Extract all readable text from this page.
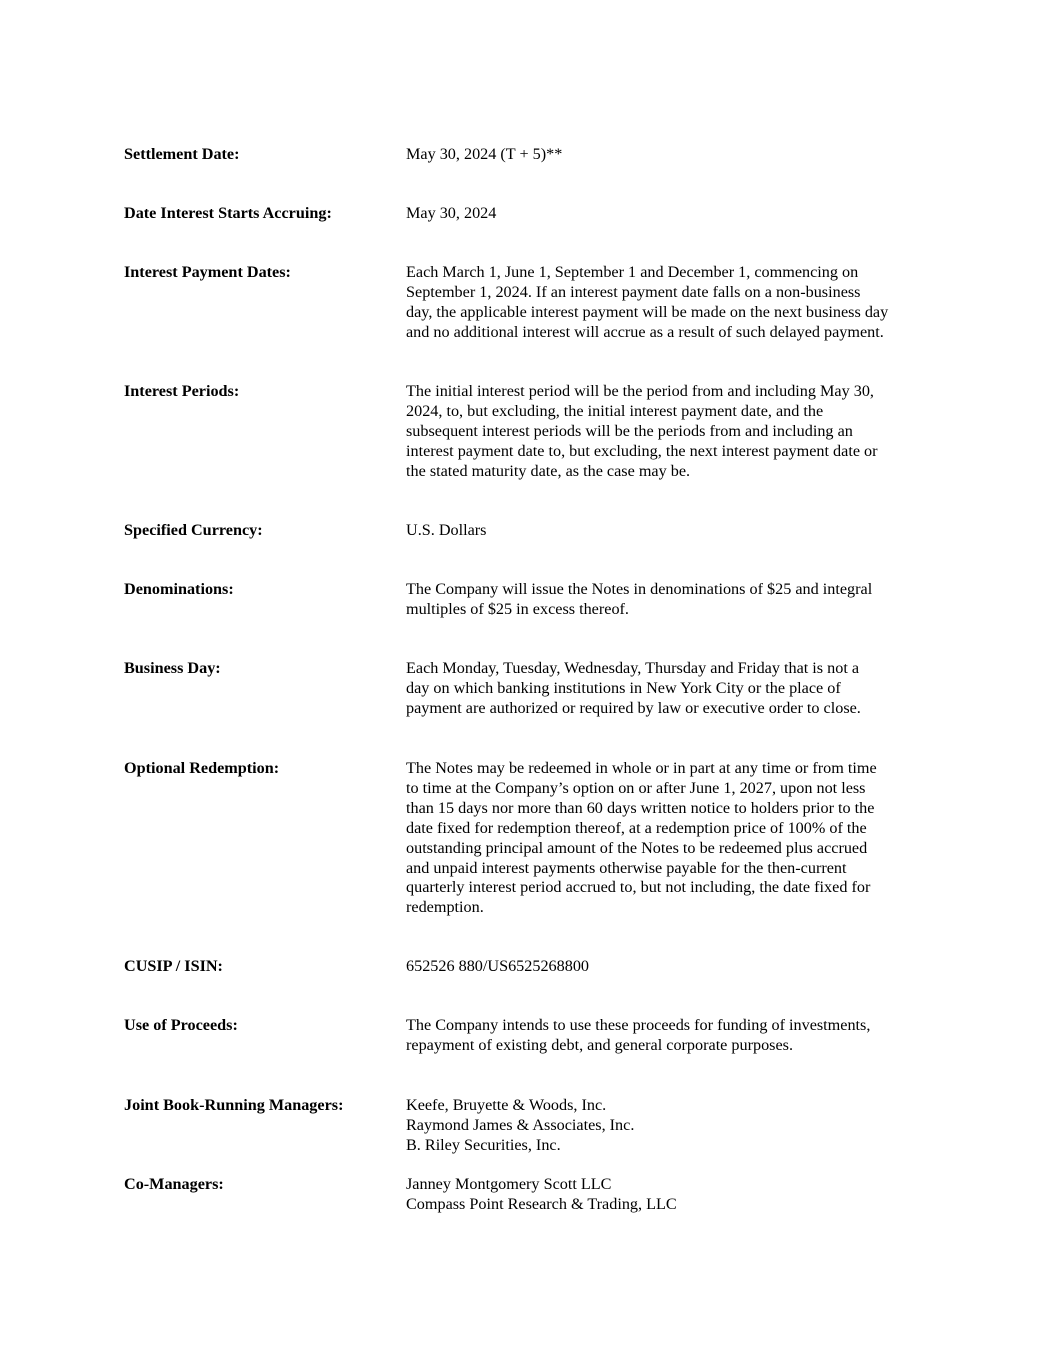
Settlement Date:	May 30, 2024 (T + 5)**
Date Interest Starts Accruing:	May 30, 2024
Interest Payment Dates:	Each March 1, June 1, September 1 and December 1, commencing on
September 1, 2024. If an interest payment date falls on a non-business
day, the applicable interest payment will be made on the next business day
and no additional interest will accrue as a result of such delayed payment.
Interest Periods:	The initial interest period will be the period from and including May 30,
2024, to, but excluding, the initial interest payment date, and the
subsequent interest periods will be the periods from and including an
interest payment date to, but excluding, the next interest payment date or
the stated maturity date, as the case may be.
Specified Currency:	U.S. Dollars
Denominations:	The Company will issue the Notes in denominations of $25 and integral
multiples of $25 in excess thereof.
Business Day:	Each Monday, Tuesday, Wednesday, Thursday and Friday that is not a
day on which banking institutions in New York City or the place of
payment are authorized or required by law or executive order to close.
Optional Redemption:	The Notes may be redeemed in whole or in part at any time or from time
to time at the Company’s option on or after June 1, 2027, upon not less
than 15 days nor more than 60 days written notice to holders prior to the
date fixed for redemption thereof, at a redemption price of 100% of the
outstanding principal amount of the Notes to be redeemed plus accrued
and unpaid interest payments otherwise payable for the then-current
quarterly interest period accrued to, but not including, the date fixed for
redemption.
CUSIP / ISIN:	652526 880/US6525268800
Use of Proceeds:	The Company intends to use these proceeds for funding of investments,
repayment of existing debt, and general corporate purposes.
Joint Book-Running Managers:	Keefe, Bruyette & Woods, Inc.
Raymond James & Associates, Inc.
B. Riley Securities, Inc.
Co-Managers:	Janney Montgomery Scott LLC
Compass Point Research & Trading, LLC
